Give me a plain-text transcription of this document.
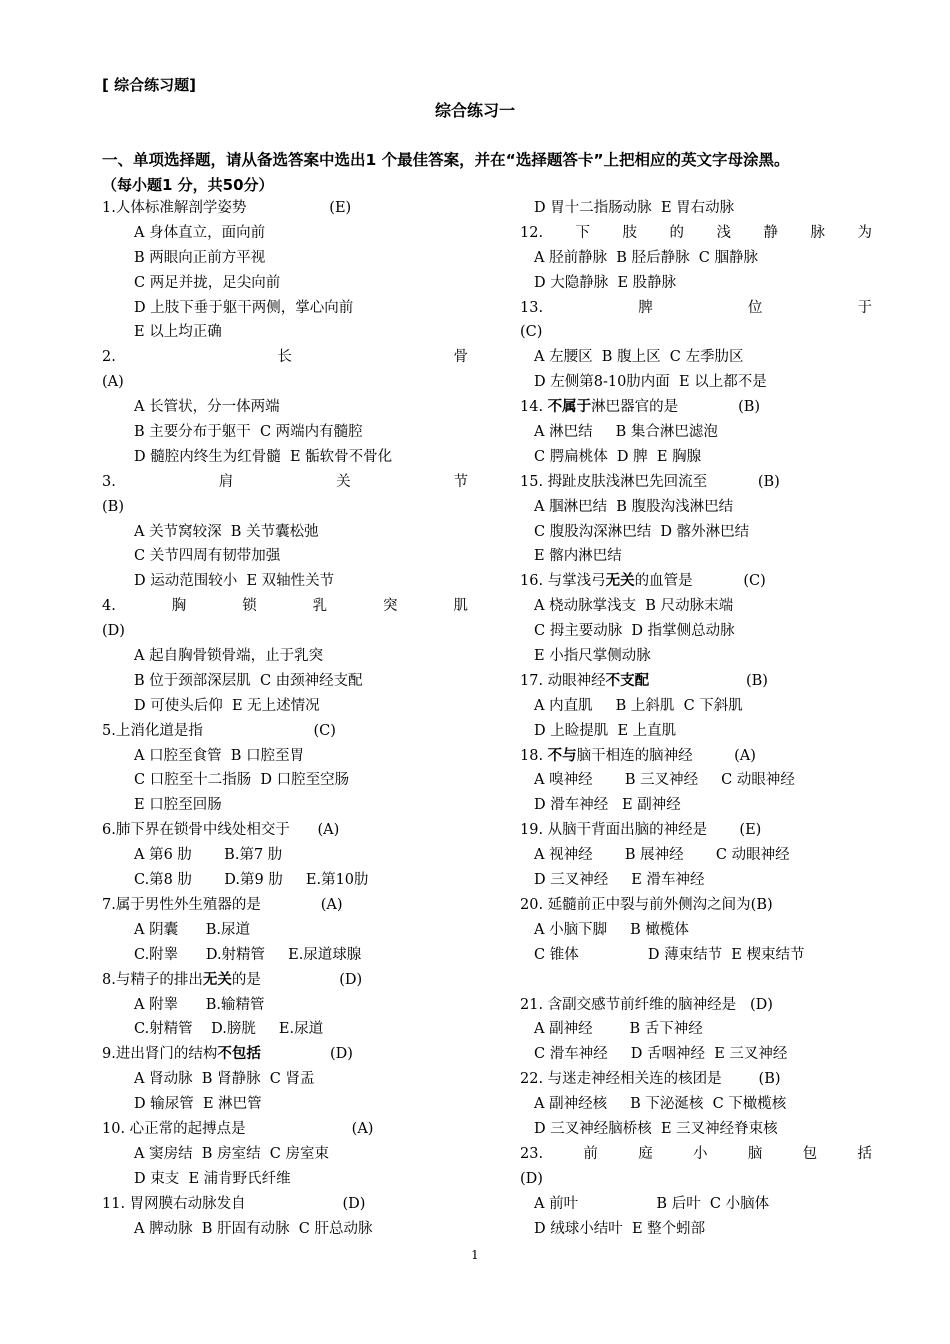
[ 综合练习题]
综合练习一
一、单项选择题，请从备选答案中选出1 个最佳答案，并在“选择题答卡”上把相应的英文字母涂黑。
（每小题1 分，共50分）
1.人体标准解剖学姿势                  (E)
A 身体直立，面向前
B 两眼向正前方平视
C 两足并拢，足尖向前
D 上肢下垂于躯干两侧，掌心向前
E 以上均正确
2.	长	骨
(A)
A 长管状，分一体两端
B 主要分布于躯干  C 两端内有髓腔
D 髓腔内终生为红骨髓  E 骺软骨不骨化
3.	肩	关	节
(B)
A 关节窝较深  B 关节囊松弛
C 关节四周有韧带加强
D 运动范围较小  E 双轴性关节
4.	胸	锁	乳	突	肌
(D)
A 起自胸骨锁骨端，止于乳突
B 位于颈部深层肌  C 由颈神经支配
D 可使头后仰  E 无上述情况
5.上消化道是指                        (C)
A 口腔至食管  B 口腔至胃
C 口腔至十二指肠  D 口腔至空肠
E 口腔至回肠
6.肺下界在锁骨中线处相交于      (A)
A 第6 肋       B.第7 肋
C.第8 肋       D.第9 肋     E.第10肋
7.属于男性外生殖器的是             (A)
A 阴囊      B.尿道
C.附睾      D.射精管     E.尿道球腺
8.与精子的排出无关的是                 (D)
A 附睾      B.输精管
C.射精管    D.膀胱     E.尿道
9.进出肾门的结构不包括               (D)
A 肾动脉  B 肾静脉  C 肾盂
D 输尿管  E 淋巴管
10. 心正常的起搏点是                       (A)
A 窦房结  B 房室结  C 房室束
D 束支  E 浦肯野氏纤维
11. 胃网膜右动脉发自                     (D)
A 脾动脉  B 肝固有动脉  C 肝总动脉
D 胃十二指肠动脉  E 胃右动脉
12. 下 肢 的 浅 静 脉 为
A 胫前静脉  B 胫后静脉  C 腘静脉
D 大隐静脉  E 股静脉
13.	脾	位	于
(C)
A 左腰区  B 腹上区  C 左季肋区
D 左侧第8-10肋内面  E 以上都不是
14. 不属于淋巴器官的是             (B)
A 淋巴结     B 集合淋巴滤泡
C 腭扁桃体  D 脾  E 胸腺
15. 拇趾皮肤浅淋巴先回流至           (B)
A 腘淋巴结  B 腹股沟浅淋巴结
C 腹股沟深淋巴结  D 髂外淋巴结
E 髂内淋巴结
16. 与掌浅弓无关的血管是           (C)
A 桡动脉掌浅支  B 尺动脉末端
C 拇主要动脉  D 指掌侧总动脉
E 小指尺掌侧动脉
17. 动眼神经不支配                     (B)
A 内直肌     B 上斜肌  C 下斜肌
D 上睑提肌  E 上直肌
18. 不与脑干相连的脑神经         (A)
A 嗅神经       B 三叉神经     C 动眼神经
D 滑车神经   E 副神经
19. 从脑干背面出脑的神经是       (E)
A 视神经       B 展神经       C 动眼神经
D 三叉神经     E 滑车神经
20. 延髓前正中裂与前外侧沟之间为(B)
A 小脑下脚     B 橄榄体
C 锥体               D 薄束结节  E 楔束结节
21. 含副交感节前纤维的脑神经是   (D)
A 副神经        B 舌下神经
C 滑车神经     D 舌咽神经  E 三叉神经
22. 与迷走神经相关连的核团是        (B)
A 副神经核     B 下泌涎核  C 下橄榄核
D 三叉神经脑桥核  E 三叉神经脊束核
23.	前	庭	小	脑	包	括
(D)
A 前叶                 B 后叶  C 小脑体
D 绒球小结叶  E 整个蚓部
1
